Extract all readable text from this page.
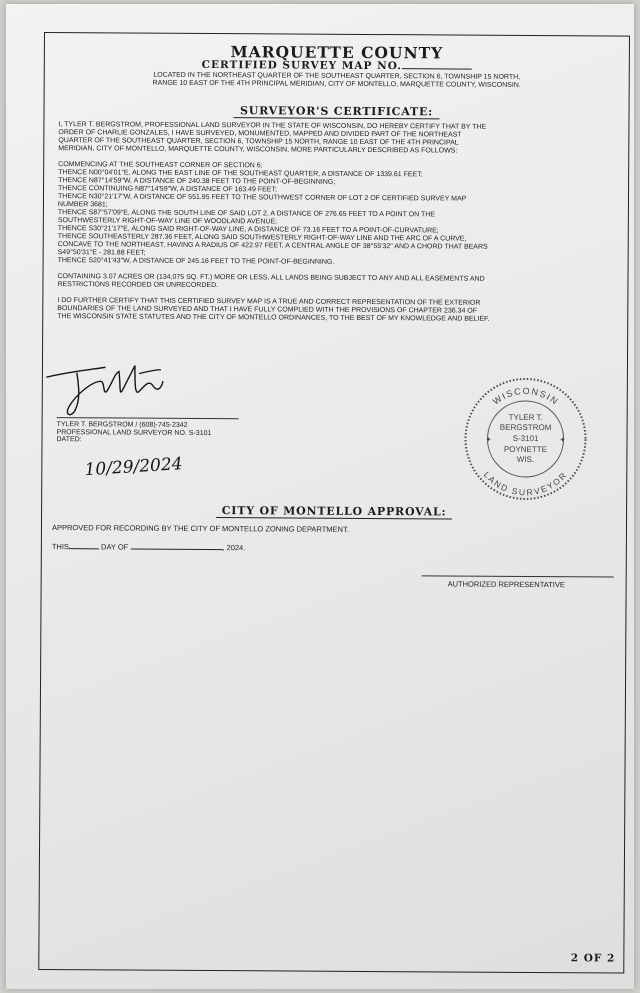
MARQUETTE COUNTY
CERTIFIED SURVEY MAP NO.
LOCATED IN THE NORTHEAST QUARTER OF THE SOUTHEAST QUARTER, SECTION 6, TOWNSHIP 15 NORTH, RANGE 10 EAST OF THE 4TH PRINCIPAL MERIDIAN, CITY OF MONTELLO, MARQUETTE COUNTY, WISCONSIN.
SURVEYOR'S CERTIFICATE:

I, TYLER T. BERGSTROM, PROFESSIONAL LAND SURVEYOR IN THE STATE OF WISCONSIN, DO HEREBY CERTIFY THAT BY THE
ORDER OF CHARLIE GONZALES, I HAVE SURVEYED, MONUMENTED, MAPPED AND DIVIDED PART OF THE NORTHEAST
QUARTER OF THE SOUTHEAST QUARTER, SECTION 6, TOWNSHIP 15 NORTH, RANGE 10 EAST OF THE 4TH PRINCIPAL
MERIDIAN, CITY OF MONTELLO, MARQUETTE COUNTY, WISCONSIN, MORE PARTICULARLY DESCRIBED AS FOLLOWS:

COMMENCING AT THE SOUTHEAST CORNER OF SECTION 6;
THENCE N00°04'01"E, ALONG THE EAST LINE OF THE SOUTHEAST QUARTER, A DISTANCE OF 1339.61 FEET;
THENCE N87°14'59"W, A DISTANCE OF 240.38 FEET TO THE POINT-OF-BEGINNING;
THENCE CONTINUING N87°14'59"W, A DISTANCE OF 163.49 FEET;
THENCE N30°21'17"W, A DISTANCE OF 551.95 FEET TO THE SOUTHWEST CORNER OF LOT 2 OF CERTIFIED SURVEY MAP
NUMBER 3681;
THENCE S87°57'09"E, ALONG THE SOUTH LINE OF SAID LOT 2, A DISTANCE OF 276.65 FEET TO A POINT ON THE
SOUTHWESTERLY RIGHT-OF-WAY LINE OF WOODLAND AVENUE;
THENCE S30°21'17"E, ALONG SAID RIGHT-OF-WAY LINE, A DISTANCE OF 73.16 FEET TO A POINT-OF-CURVATURE;
THENCE SOUTHEASTERLY 287.36 FEET, ALONG SAID SOUTHWESTERLY RIGHT-OF-WAY LINE AND THE ARC OF A CURVE,
CONCAVE TO THE NORTHEAST, HAVING A RADIUS OF 422.97 FEET, A CENTRAL ANGLE OF 38°55'32" AND A CHORD THAT BEARS
S49°50'31"E - 281.88 FEET;
THENCE S20°41'43"W, A DISTANCE OF 245.16 FEET TO THE POINT-OF-BEGINNING.

CONTAINING 3.07 ACRES OR (134,075 SQ. FT.) MORE OR LESS, ALL LANDS BEING SUBJECT TO ANY AND ALL EASEMENTS AND
RESTRICTIONS RECORDED OR UNRECORDED.

I DO FURTHER CERTIFY THAT THIS CERTIFIED SURVEY MAP IS A TRUE AND CORRECT REPRESENTATION OF THE EXTERIOR
BOUNDARIES OF THE LAND SURVEYED AND THAT I HAVE FULLY COMPLIED WITH THE PROVISIONS OF CHAPTER 236.34 OF
THE WISCONSIN STATE STATUTES AND THE CITY OF MONTELLO ORDINANCES, TO THE BEST OF MY KNOWLEDGE AND BELIEF.

TYLER T. BERGSTROM / (608)-745-2342
PROFESSIONAL LAND SURVEYOR NO. S-3101
DATED:
10/29/2024
WISCONSIN
LAND SURVEYOR
TYLER T.
BERGSTROM
S-3101
POYNETTE
WIS.
✦	✦
CITY OF MONTELLO APPROVAL:
APPROVED FOR RECORDING BY THE CITY OF MONTELLO ZONING DEPARTMENT.
THIS	DAY OF	, 2024.
AUTHORIZED REPRESENTATIVE
2 OF 2
